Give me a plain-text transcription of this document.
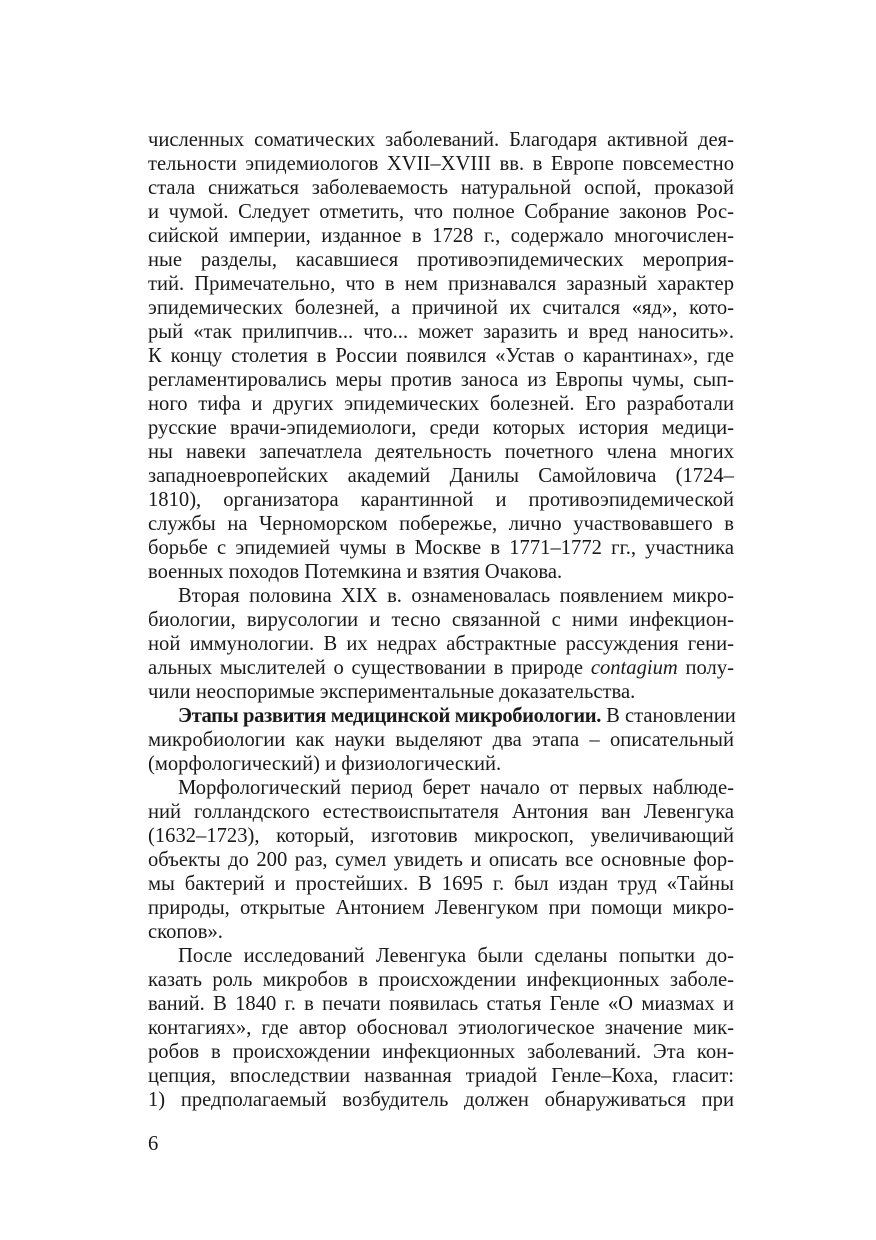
численных соматических заболеваний. Благодаря активной дея-
тельности эпидемиологов XVII–XVIII вв. в Европе повсеместно
стала снижаться заболеваемость натуральной оспой, проказой
и чумой. Следует отметить, что полное Собрание законов Рос-
сийской империи, изданное в 1728 г., содержало многочислен-
ные разделы, касавшиеся противоэпидемических мероприя-
тий. Примечательно, что в нем признавался заразный характер
эпидемических болезней, а причиной их считался «яд», кото-
рый «так прилипчив... что... может заразить и вред наносить».
К концу столетия в России появился «Устав о карантинах», где
регламентировались меры против заноса из Европы чумы, сып-
ного тифа и других эпидемических болезней. Его разработали
русские врачи-эпидемиологи, среди которых история медици-
ны навеки запечатлела деятельность почетного члена многих
западноевропейских академий Данилы Самойловича (1724–
1810), организатора карантинной и противоэпидемической
службы на Черноморском побережье, лично участвовавшего в
борьбе с эпидемией чумы в Москве в 1771–1772 гг., участника
военных походов Потемкина и взятия Очакова.
Вторая половина XIX в. ознаменовалась появлением микро-
биологии, вирусологии и тесно связанной с ними инфекцион-
ной иммунологии. В их недрах абстрактные рассуждения гени-
альных мыслителей о существовании в природе contagium полу-
чили неоспоримые экспериментальные доказательства.
Этапы развития медицинской микробиологии. В становлении
микробиологии как науки выделяют два этапа – описательный
(морфологический) и физиологический.
Морфологический период берет начало от первых наблюде-
ний голландского естествоиспытателя Антония ван Левенгука
(1632–1723), который, изготовив микроскоп, увеличивающий
объекты до 200 раз, сумел увидеть и описать все основные фор-
мы бактерий и простейших. В 1695 г. был издан труд «Тайны
природы, открытые Антонием Левенгуком при помощи микро-
скопов».
После исследований Левенгука были сделаны попытки до-
казать роль микробов в происхождении инфекционных заболе-
ваний. В 1840 г. в печати появилась статья Генле «О миазмах и
контагиях», где автор обосновал этиологическое значение мик-
робов в происхождении инфекционных заболеваний. Эта кон-
цепция, впоследствии названная триадой Генле–Коха, гласит:
1) предполагаемый возбудитель должен обнаруживаться при
6
